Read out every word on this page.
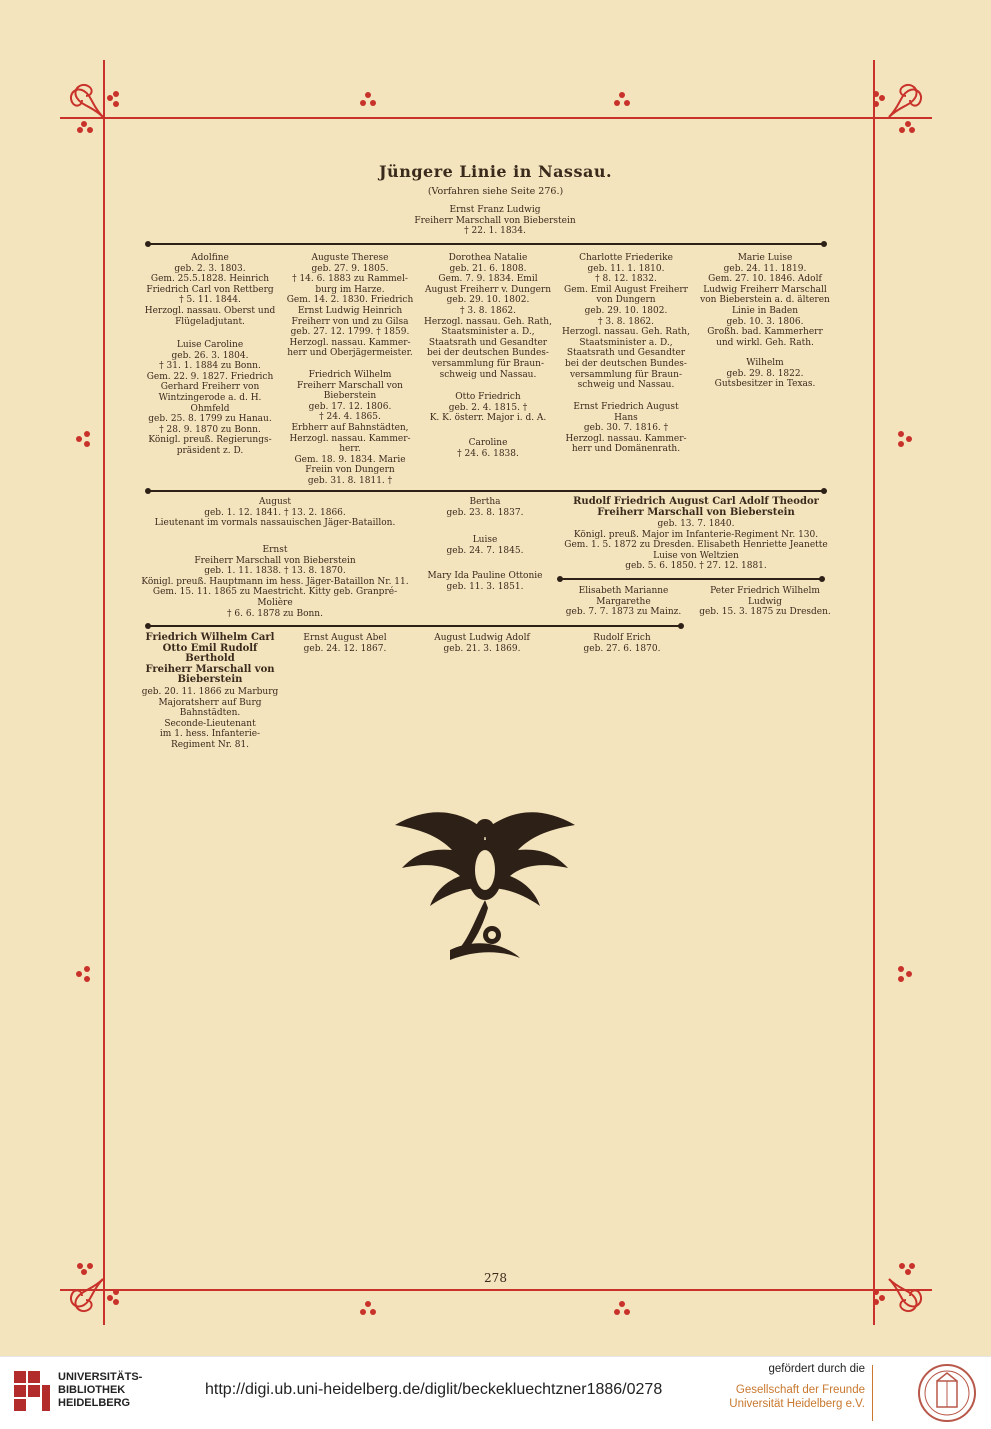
Jüngere Linie in Nassau.
(Vorfahren siehe Seite 276.)
Ernst Franz Ludwig
Freiherr Marschall von Bieberstein
† 22. 1. 1834.
Adolfine
geb. 2. 3. 1803.
Gem. 25.5.1828. Heinrich
Friedrich Carl von Rettberg
† 5. 11. 1844.
Herzogl. nassau. Oberst und
Flügeladjutant.
Luise Caroline
geb. 26. 3. 1804.
† 31. 1. 1884 zu Bonn.
Gem. 22. 9. 1827. Friedrich
Gerhard Freiherr von
Wintzingerode a. d. H.
Ohmfeld
geb. 25. 8. 1799 zu Hanau.
† 28. 9. 1870 zu Bonn.
Königl. preuß. Regierungs-
präsident z. D.
Auguste Therese
geb. 27. 9. 1805.
† 14. 6. 1883 zu Rammel-
burg im Harze.
Gem. 14. 2. 1830. Friedrich
Ernst Ludwig Heinrich
Freiherr von und zu Gilsa
geb. 27. 12. 1799. † 1859.
Herzogl. nassau. Kammer-
herr und Oberjägermeister.
Friedrich Wilhelm
Freiherr Marschall von
Bieberstein
geb. 17. 12. 1806.
† 24. 4. 1865.
Erbherr auf Bahnstädten,
Herzogl. nassau. Kammer-
herr.
Gem. 18. 9. 1834. Marie
Freiin von Dungern
geb. 31. 8. 1811. †
Dorothea Natalie
geb. 21. 6. 1808.
Gem. 7. 9. 1834. Emil
August Freiherr v. Dungern
geb. 29. 10. 1802.
† 3. 8. 1862.
Herzogl. nassau. Geh. Rath,
Staatsminister a. D.,
Staatsrath und Gesandter
bei der deutschen Bundes-
versammlung für Braun-
schweig und Nassau.
Otto Friedrich
geb. 2. 4. 1815. †
K. K. österr. Major i. d. A.
Caroline
† 24. 6. 1838.
Charlotte Friederike
geb. 11. 1. 1810.
† 8. 12. 1832.
Gem. Emil August Freiherr
von Dungern
geb. 29. 10. 1802.
† 3. 8. 1862.
Herzogl. nassau. Geh. Rath,
Staatsminister a. D.,
Staatsrath und Gesandter
bei der deutschen Bundes-
versammlung für Braun-
schweig und Nassau.
Ernst Friedrich August
Hans
geb. 30. 7. 1816. †
Herzogl. nassau. Kammer-
herr und Domänenrath.
Marie Luise
geb. 24. 11. 1819.
Gem. 27. 10. 1846. Adolf
Ludwig Freiherr Marschall
von Bieberstein a. d. älteren
Linie in Baden
geb. 10. 3. 1806.
Großh. bad. Kammerherr
und wirkl. Geh. Rath.
Wilhelm
geb. 29. 8. 1822.
Gutsbesitzer in Texas.
August
geb. 1. 12. 1841. † 13. 2. 1866.
Lieutenant im vormals nassauischen Jäger-Bataillon.
Ernst
Freiherr Marschall von Bieberstein
geb. 1. 11. 1838. † 13. 8. 1870.
Königl. preuß. Hauptmann im hess. Jäger-Bataillon Nr. 11.
Gem. 15. 11. 1865 zu Maestricht. Kitty geb. Granpré-
Molière
† 6. 6. 1878 zu Bonn.
Bertha
geb. 23. 8. 1837.
Luise
geb. 24. 7. 1845.
Mary Ida Pauline Ottonie
geb. 11. 3. 1851.
Rudolf Friedrich August Carl Adolf Theodor
Freiherr Marschall von Bieberstein
geb. 13. 7. 1840.
Königl. preuß. Major im Infanterie-Regiment Nr. 130.
Gem. 1. 5. 1872 zu Dresden. Elisabeth Henriette Jeanette
Luise von Weltzien
geb. 5. 6. 1850. † 27. 12. 1881.
Elisabeth Marianne
Margarethe
geb. 7. 7. 1873 zu Mainz.
Peter Friedrich Wilhelm
Ludwig
geb. 15. 3. 1875 zu Dresden.
Friedrich Wilhelm Carl
Otto Emil Rudolf
Berthold
Freiherr Marschall von
Bieberstein
geb. 20. 11. 1866 zu Marburg
Majoratsherr auf Burg
Bahnstädten.
Seconde-Lieutenant
im 1. hess. Infanterie-
Regiment Nr. 81.
Ernst August Abel
geb. 24. 12. 1867.
August Ludwig Adolf
geb. 21. 3. 1869.
Rudolf Erich
geb. 27. 6. 1870.
278
UNIVERSITÄTS-
BIBLIOTHEK
HEIDELBERG
http://digi.ub.uni-heidelberg.de/diglit/beckekluechtzner1886/0278
gefördert durch die
Gesellschaft der Freunde
Universität Heidelberg e.V.
